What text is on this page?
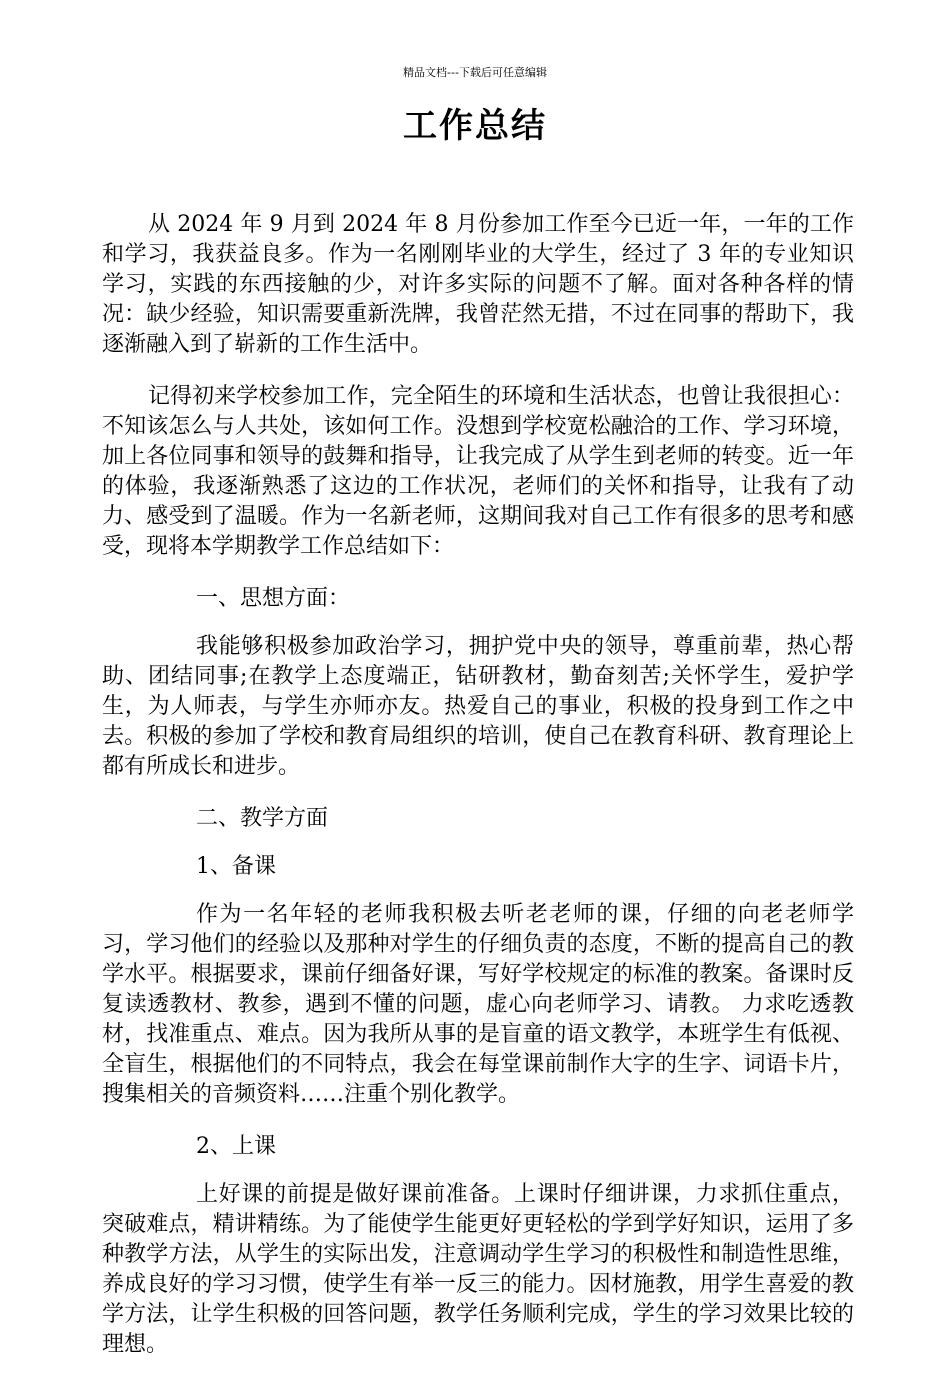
精品文档---下载后可任意编辑
工作总结

从 2024 年 9 月到 2024 年 8 月份参加工作至今已近一年，一年的工作和学习，我获益良多。作为一名刚刚毕业的大学生，经过了 3 年的专业知识学习，实践的东西接触的少，对许多实际的问题不了解。面对各种各样的情况：缺少经验，知识需要重新洗牌，我曾茫然无措，不过在同事的帮助下，我逐渐融入到了崭新的工作生活中。

记得初来学校参加工作，完全陌生的环境和生活状态，也曾让我很担心：不知该怎么与人共处，该如何工作。没想到学校宽松融洽的工作、学习环境，加上各位同事和领导的鼓舞和指导，让我完成了从学生到老师的转变。近一年的体验，我逐渐熟悉了这边的工作状况，老师们的关怀和指导，让我有了动力、感受到了温暖。作为一名新老师，这期间我对自己工作有很多的思考和感受，现将本学期教学工作总结如下：

一、思想方面：

我能够积极参加政治学习，拥护党中央的领导，尊重前辈，热心帮助、团结同事;在教学上态度端正，钻研教材，勤奋刻苦;关怀学生，爱护学生，为人师表，与学生亦师亦友。热爱自己的事业，积极的投身到工作之中去。积极的参加了学校和教育局组织的培训，使自己在教育科研、教育理论上都有所成长和进步。

二、教学方面

1、备课

作为一名年轻的老师我积极去听老老师的课，仔细的向老老师学习，学习他们的经验以及那种对学生的仔细负责的态度，不断的提高自己的教学水平。根据要求，课前仔细备好课，写好学校规定的标准的教案。备课时反复读透教材、教参，遇到不懂的问题，虚心向老师学习、请教。 力求吃透教材，找准重点、难点。因为我所从事的是盲童的语文教学，本班学生有低视、全盲生，根据他们的不同特点，我会在每堂课前制作大字的生字、词语卡片，搜集相关的音频资料……注重个别化教学。

2、上课

上好课的前提是做好课前准备。上课时仔细讲课，力求抓住重点，突破难点，精讲精练。为了能使学生能更好更轻松的学到学好知识，运用了多种教学方法，从学生的实际出发，注意调动学生学习的积极性和制造性思维，养成良好的学习习惯，使学生有举一反三的能力。因材施教，用学生喜爱的教学方法，让学生积极的回答问题，教学任务顺利完成，学生的学习效果比较的理想。
